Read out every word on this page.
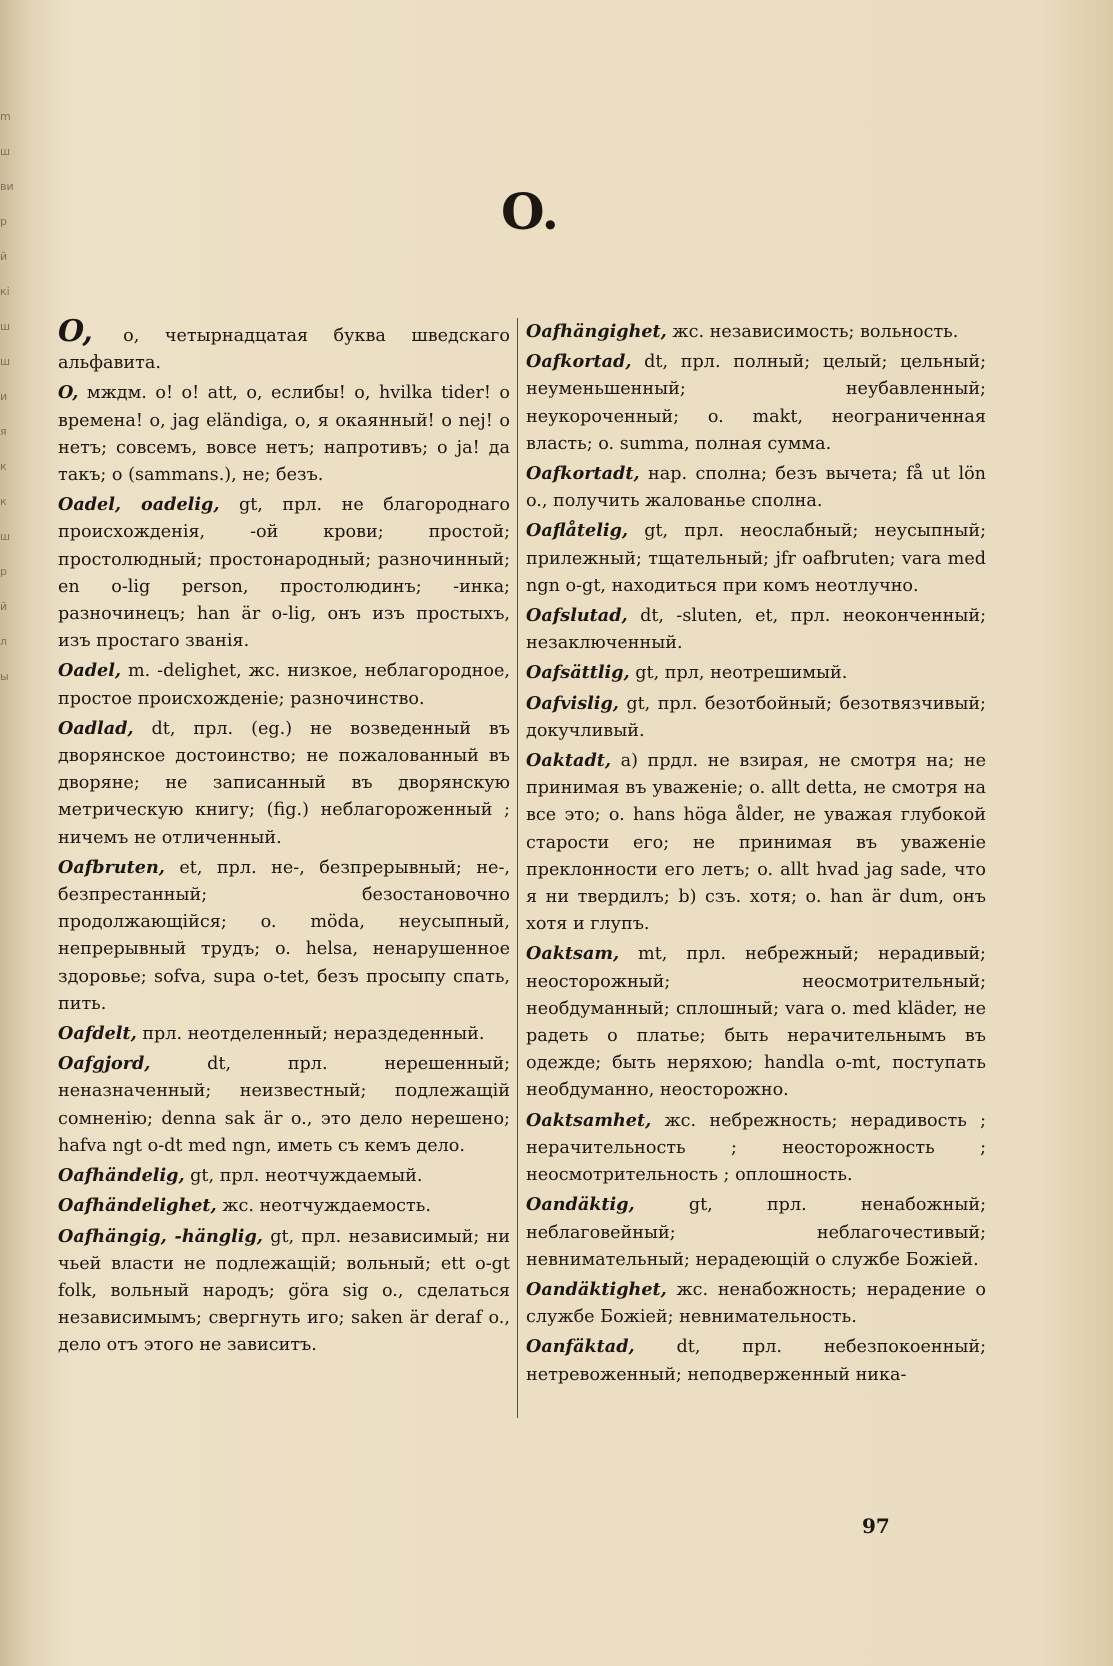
m
ш
ви
р
й
кі
ш
ш
и
я
к
к
ш
р
й
л
ы
O.

O, o, четырнадцатая буква шведскаго альфавита.

O, мждм. o! o! att, о, еслибы! o, hvilka tider! о времена! o, jag eländiga, о, я окаянный! o nej! о нетъ; совсемъ, вовсе нетъ; напротивъ; o ja! да такъ; o (sammans.), не; безъ.

Oadel, oadelig, gt, прл. не благороднаго происхожденія, -ой крови; простой; простолюдный; простонародный; разночинный; en o-lig person, простолюдинъ; -инка; разночинецъ; han är o-lig, онъ изъ простыхъ, изъ простаго званія.

Oadel, m. -delighet, жс. низкое, неблагородное, простое происхожденіе; разночинство.

Oadlad, dt, прл. (eg.) не возведенный въ дворянское достоинство; не пожалованный въ дворяне; не записанный въ дворянскую метрическую книгу; (fig.) неблагороженный ; ничемъ не отличенный.

Oafbruten, et, прл. не-, безпрерывный; не-, безпрестанный; безостановочно продолжающійся; o. möda, неусыпный, непрерывный трудъ; o. helsa, ненарушенное здоровье; sofva, supa o-tet, безъ просыпу спать, пить.

Oafdelt, прл. неотделенный; нераздеденный.

Oafgjord,	dt, прл. нерешенный; неназначенный; неизвестный; подлежащій сомненію; denna sak är o., это дело нерешено; hafva ngt o-dt med ngn, иметь съ кемъ дело.

Oafhändelig, gt, прл. неотчуждаемый.

Oafhändelighet, жс. неотчуждаемость.

Oafhängig, -hänglig, gt, прл. независимый; ни чьей власти не подлежащій; вольный; ett o-gt folk, вольный народъ; göra sig o., сделаться независимымъ; свергнуть иго; saken är deraf o., дело отъ этого не зависитъ.

Oafhängighet, жс. независимость; вольность.

Oafkortad, dt, прл. полный; целый; цельный; неуменьшенный; неубавленный; неукороченный; o. makt, неограниченная власть; o. summa, полная сумма.

Oafkortadt, нар. сполна; безъ вычета; få ut lön o., получить жалованье сполна.

Oaflåtelig, gt, прл. неослабный; неусыпный; прилежный; тщательный; jfr oafbruten; vara med ngn o-gt, находиться при комъ неотлучно.

Oafslutad, dt, -sluten, et, прл. неоконченный; незаключенный.

Oafsättlig, gt, прл, неотрешимый.

Oafvislig, gt, прл. безотбойный; безотвязчивый; докучливый.

Oaktadt, a) прдл. не взирая, не смотря на; не принимая въ уваженіе; o. allt detta, не смотря на все это; o. hans höga ålder, не уважая глубокой старости его; не принимая въ уваженіе преклонности его летъ; o. allt hvad jag sade, что я ни твердилъ; b) сзъ. хотя; o. han är dum, онъ хотя и глупъ.

Oaktsam, mt, прл. небрежный; нерадивый; неосторожный; неосмотрительный; необдуманный; сплошный; vara o. med kläder, не радеть о платье; быть нерачительнымъ въ одежде; быть неряхою; handla o-mt, поступать необдуманно, неосторожно.

Oaktsamhet, жс. небрежность; нерадивость ; нерачительность ; неосторожность ; неосмотрительность ; оплошность.

Oandäktig,	gt, прл. ненабожный; неблаговейный; неблагочестивый; невнимательный; нерадеющій о службе Божіей.

Oandäktighet, жс. ненабожность; нерадение о службе Божіей; невнимательность.

Oanfäktad, dt, прл. небезпокоенный; нетревоженный; неподверженный ника-

97
